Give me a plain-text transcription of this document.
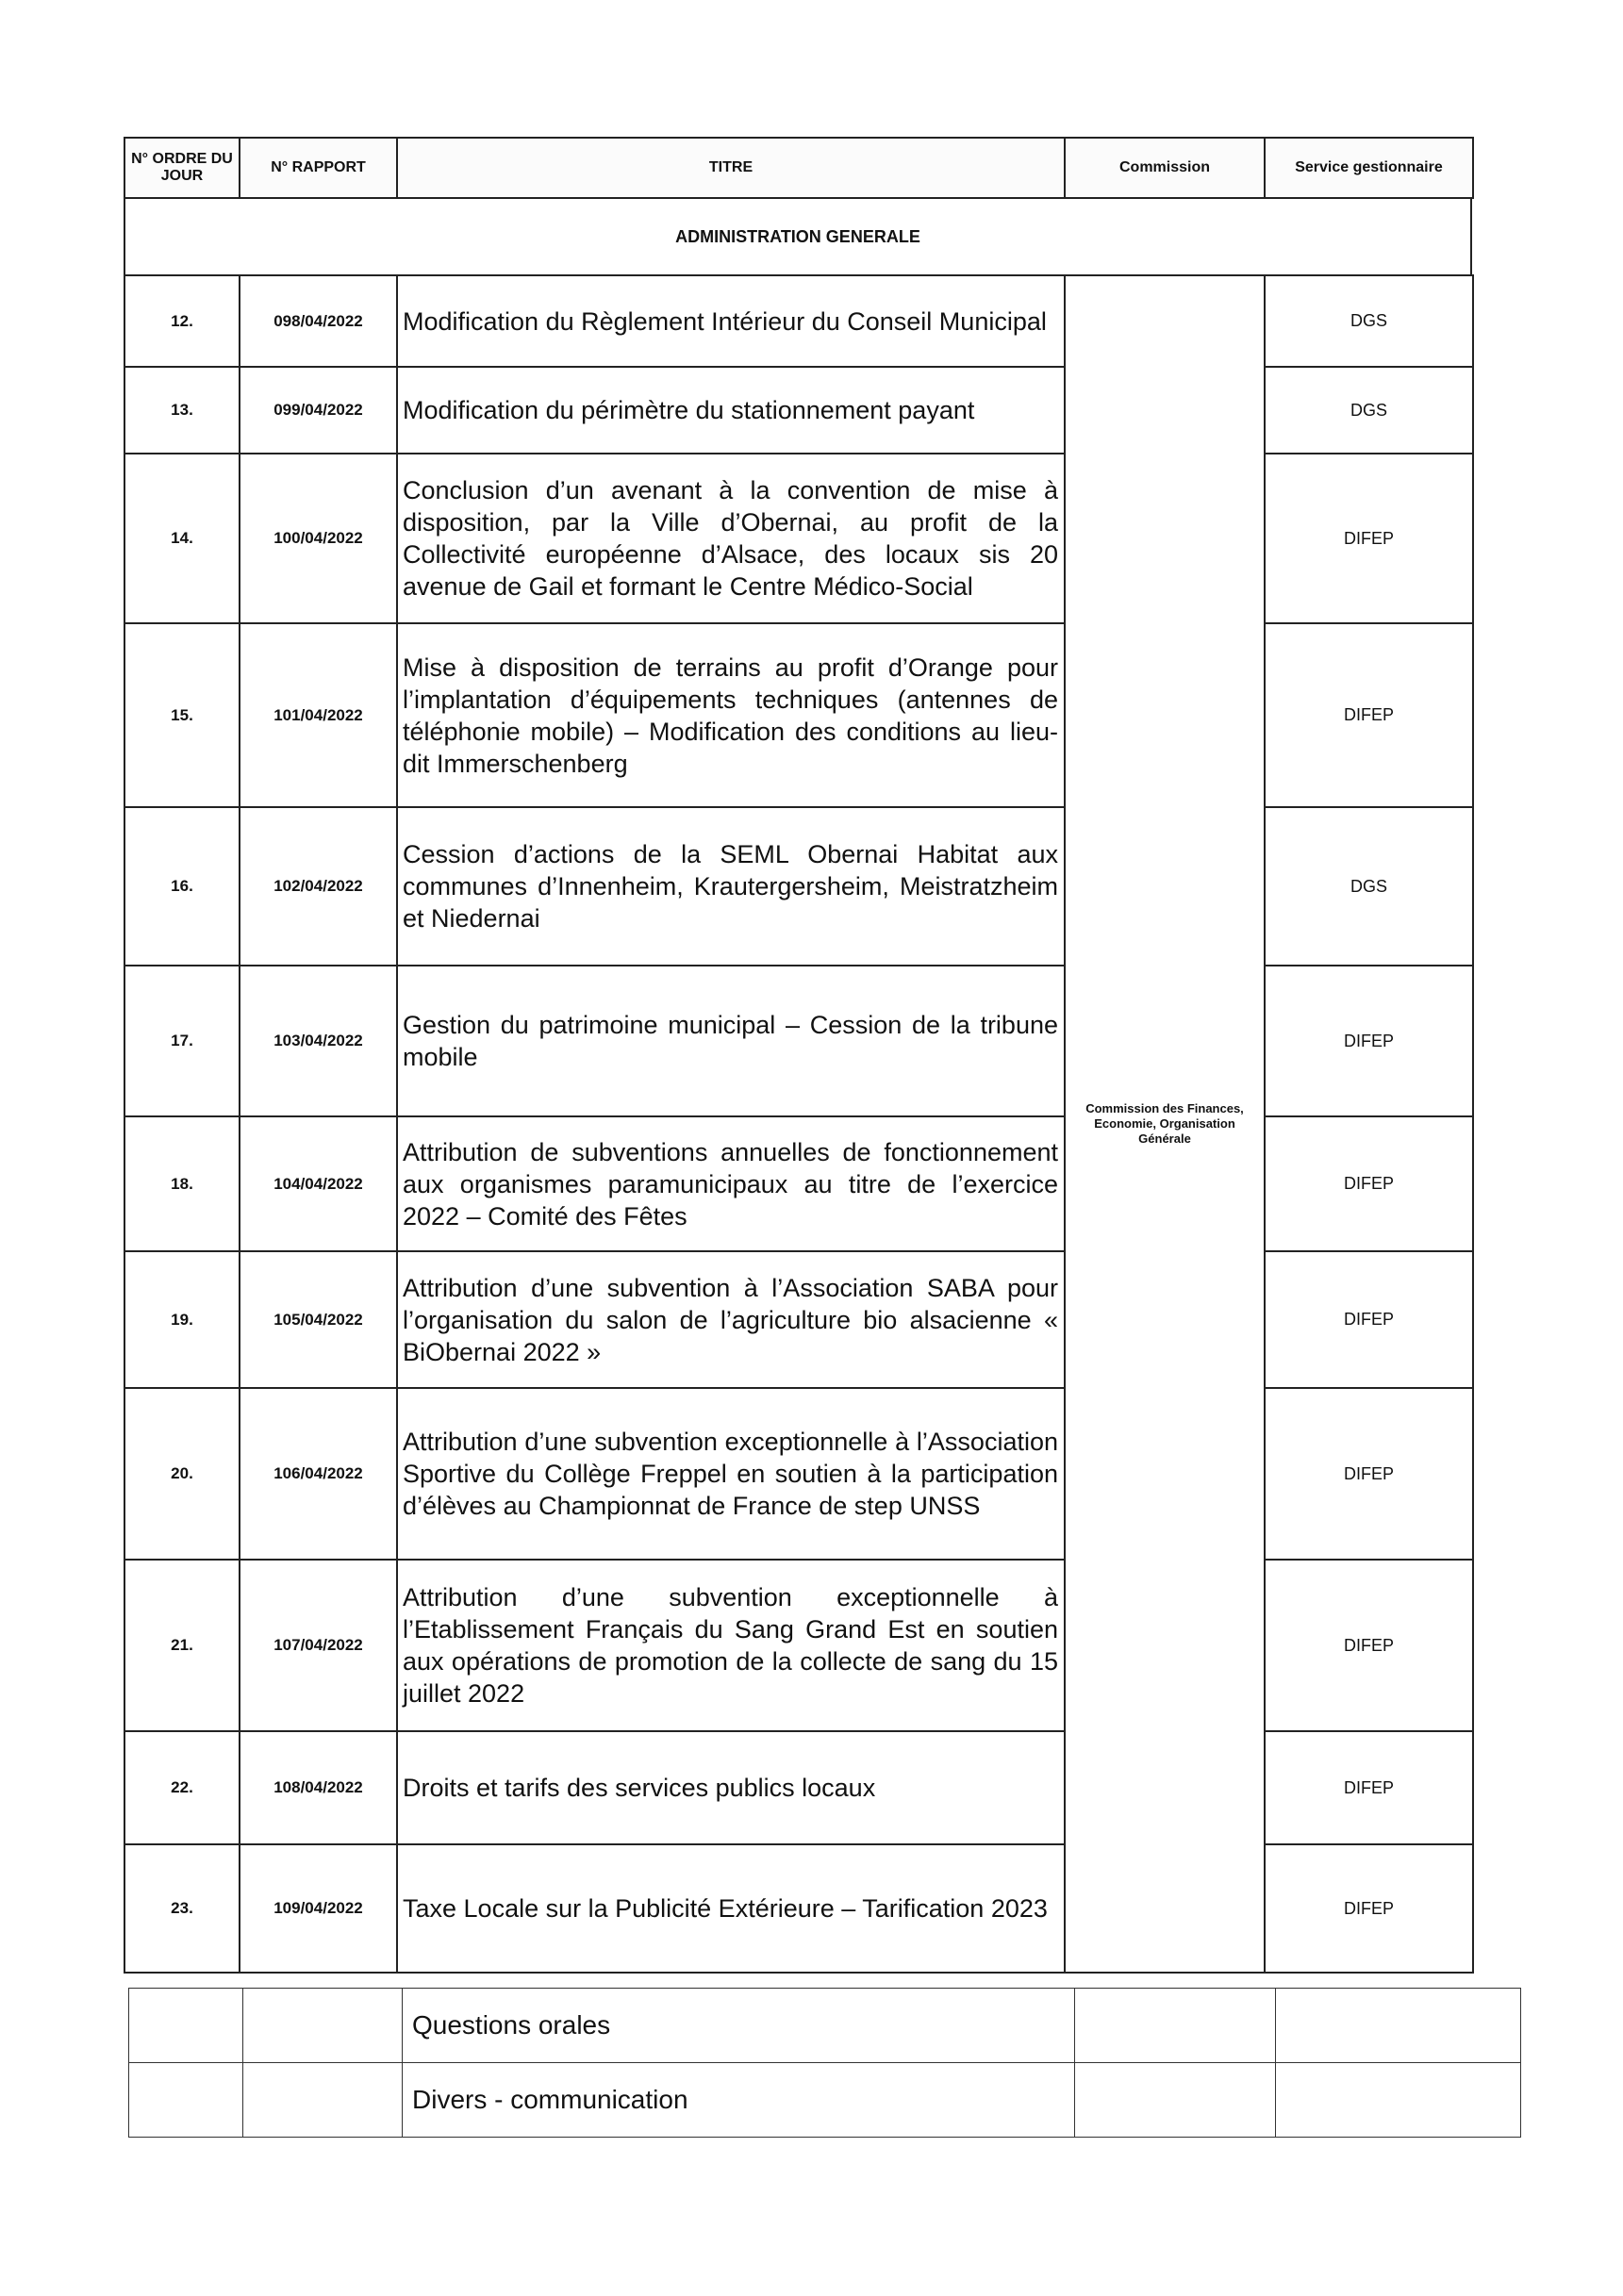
N° ORDRE DU JOUR	N° RAPPORT	TITRE	Commission	Service gestionnaire
ADMINISTRATION GENERALE
12.	098/04/2022	Modification du Règlement Intérieur du Conseil Municipal	Commission des Finances, Economie, Organisation Générale	DGS
13.	099/04/2022	Modification du périmètre du stationnement payant		DGS
14.	100/04/2022	Conclusion d’un avenant à la convention de mise à disposition, par la Ville d’Obernai, au profit de la Collectivité européenne d’Alsace, des locaux sis 20 avenue de Gail et formant le Centre Médico-Social		DIFEP
15.	101/04/2022	Mise à disposition de terrains au profit d’Orange pour l’implantation d’équipements techniques (antennes de téléphonie mobile) – Modification des conditions au lieu-dit Immerschenberg		DIFEP
16.	102/04/2022	Cession d’actions de la SEML Obernai Habitat aux communes d’Innenheim, Krautergersheim, Meistratzheim et Niedernai		DGS
17.	103/04/2022	Gestion du patrimoine municipal – Cession de la tribune mobile		DIFEP
18.	104/04/2022	Attribution de subventions annuelles de fonctionnement aux organismes paramunicipaux au titre de l’exercice 2022 – Comité des Fêtes		DIFEP
19.	105/04/2022	Attribution d’une subvention à l’Association SABA pour l’organisation du salon de l’agriculture bio alsacienne « BiObernai 2022 »		DIFEP
20.	106/04/2022	Attribution d’une subvention exceptionnelle à l’Association Sportive du Collège Freppel en soutien à la participation d’élèves au Championnat de France de step UNSS		DIFEP
21.	107/04/2022	Attribution d’une subvention exceptionnelle à l’Etablissement Français du Sang Grand Est en soutien aux opérations de promotion de la collecte de sang du 15 juillet 2022		DIFEP
22.	108/04/2022	Droits et tarifs des services publics locaux		DIFEP
23.	109/04/2022	Taxe Locale sur la Publicité Extérieure – Tarification 2023		DIFEP
		Questions orales		
		Divers - communication		
